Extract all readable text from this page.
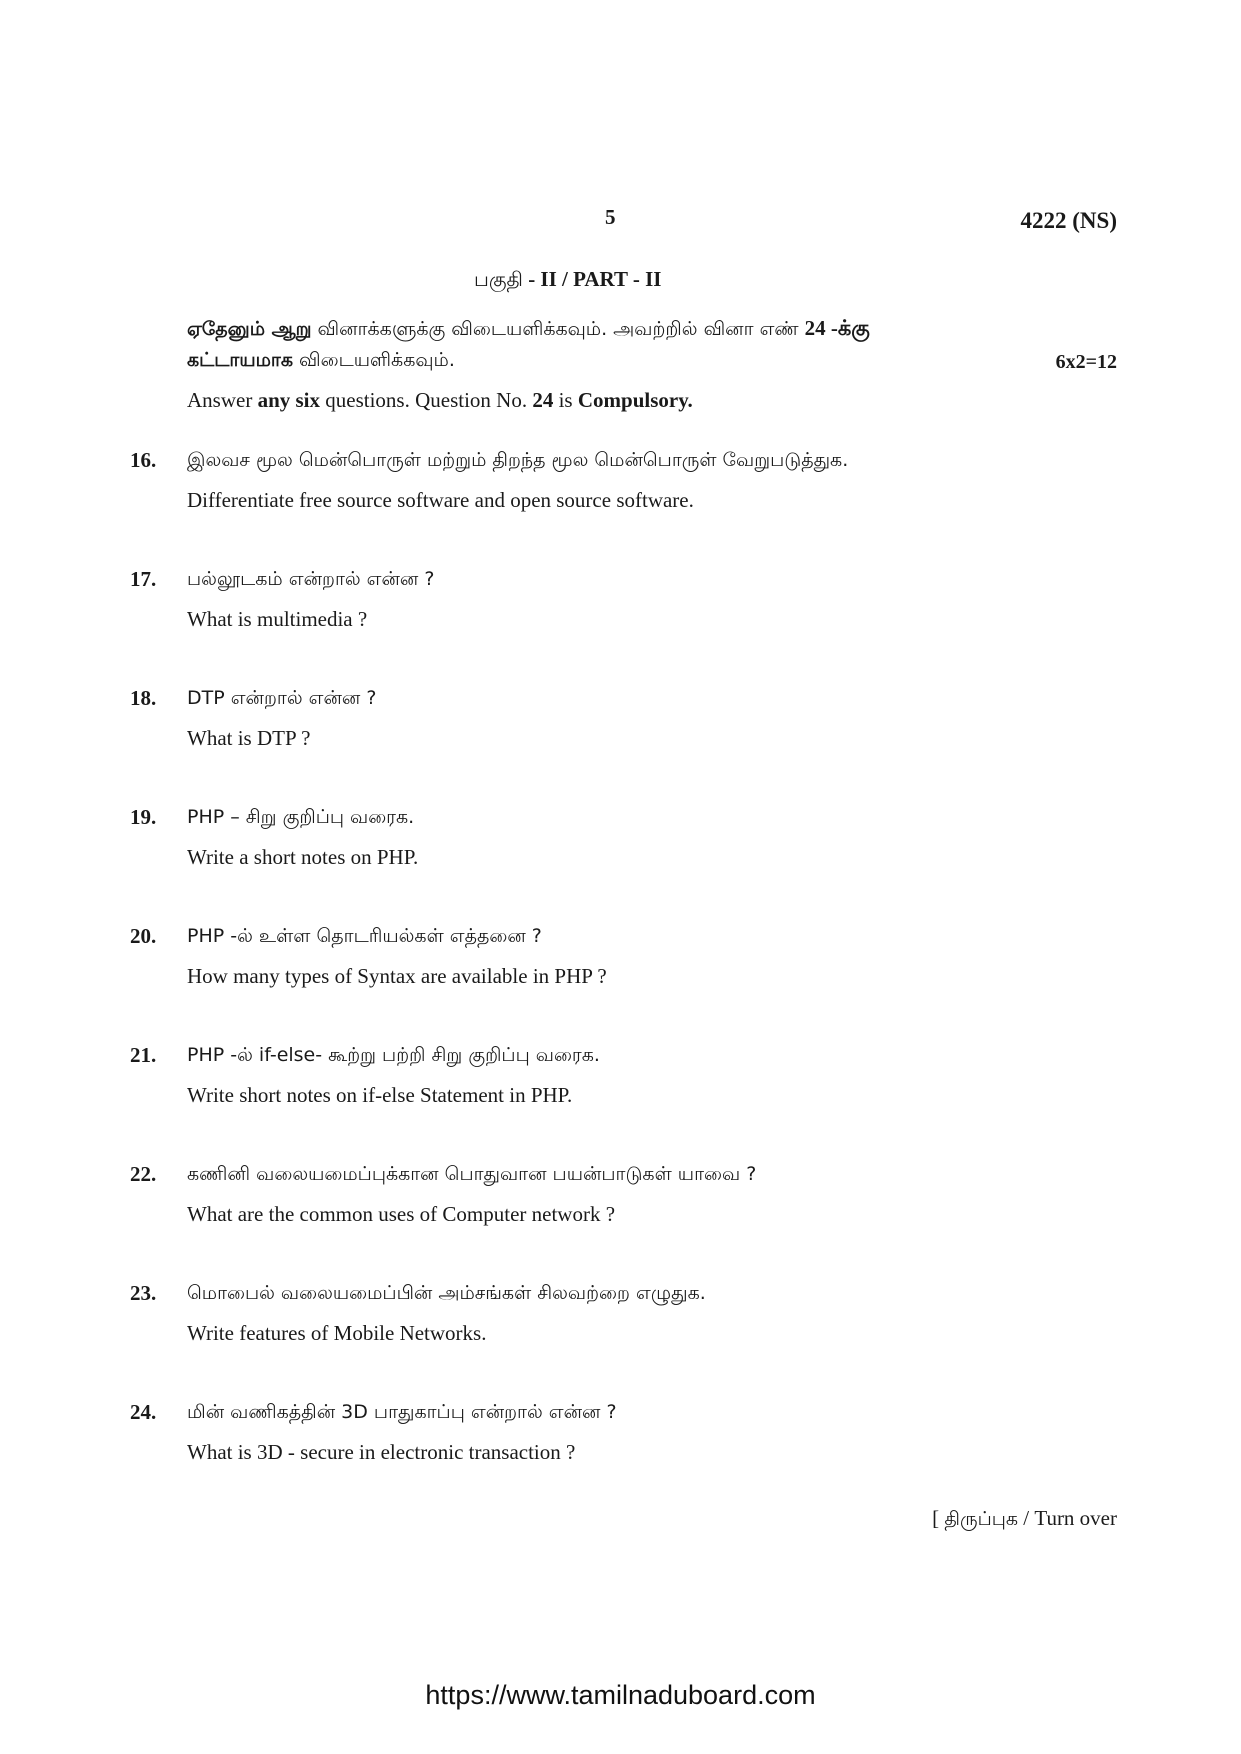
5	4222 (NS)
பகுதி - II / PART - II
ஏதேனும் ஆறு வினாக்களுக்கு விடையளிக்கவும். அவற்றில் வினா எண் 24 -க்கு
கட்டாயமாக விடையளிக்கவும்.	6x2=12
Answer any six questions. Question No. 24 is Compulsory.
16. இலவச மூல மென்பொருள் மற்றும் திறந்த மூல மென்பொருள் வேறுபடுத்துக.
Differentiate free source software and open source software.
17. பல்லூடகம் என்றால் என்ன ?
What is multimedia ?
18. DTP என்றால் என்ன ?
What is DTP ?
19. PHP – சிறு குறிப்பு வரைக.
Write a short notes on PHP.
20. PHP -ல் உள்ள தொடரியல்கள் எத்தனை ?
How many types of Syntax are available in PHP ?
21. PHP -ல் if-else- கூற்று பற்றி சிறு குறிப்பு வரைக.
Write short notes on if-else Statement in PHP.
22. கணினி வலையமைப்புக்கான பொதுவான பயன்பாடுகள் யாவை ?
What are the common uses of Computer network ?
23. மொபைல் வலையமைப்பின் அம்சங்கள் சிலவற்றை எழுதுக.
Write features of Mobile Networks.
24. மின் வணிகத்தின் 3D பாதுகாப்பு என்றால் என்ன ?
What is 3D - secure in electronic transaction ?
[ திருப்புக / Turn over
https://www.tamilnaduboard.com
